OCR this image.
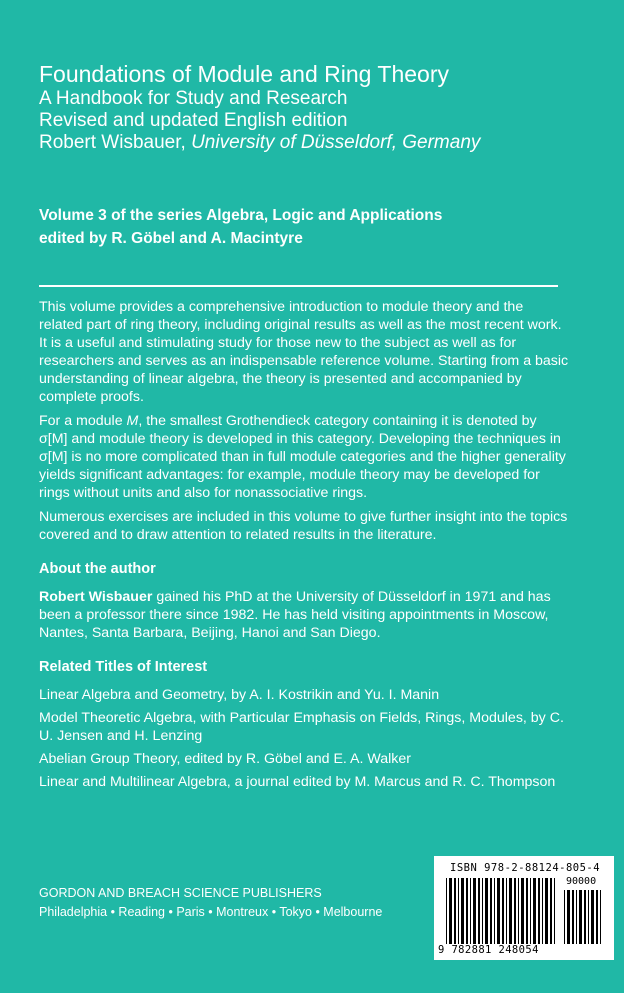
Foundations of Module and Ring Theory
A Handbook for Study and Research
Revised and updated English edition
Robert Wisbauer, University of Düsseldorf, Germany
Volume 3 of the series Algebra, Logic and Applications
edited by R. Göbel and A. Macintyre

This volume provides a comprehensive introduction to module theory and the related part of ring theory, including original results as well as the most recent work. It is a useful and stimulating study for those new to the subject as well as for researchers and serves as an indispensable reference volume. Starting from a basic understanding of linear algebra, the theory is presented and accompanied by complete proofs.

For a module M, the smallest Grothendieck category containing it is denoted by σ[M] and module theory is developed in this category. Developing the techniques in σ[M] is no more complicated than in full module categories and the higher generality yields significant advantages: for example, module theory may be developed for rings without units and also for nonassociative rings.

Numerous exercises are included in this volume to give further insight into the topics covered and to draw attention to related results in the literature.

About the author

Robert Wisbauer gained his PhD at the University of Düsseldorf in 1971 and has been a professor there since 1982. He has held visiting appointments in Moscow, Nantes, Santa Barbara, Beijing, Hanoi and San Diego.

Related Titles of Interest

Linear Algebra and Geometry, by A. I. Kostrikin and Yu. I. Manin

Model Theoretic Algebra, with Particular Emphasis on Fields, Rings, Modules, by C. U. Jensen and H. Lenzing

Abelian Group Theory, edited by R. Göbel and E. A. Walker

Linear and Multilinear Algebra, a journal edited by M. Marcus and R. C. Thompson

GORDON AND BREACH SCIENCE PUBLISHERS
Philadelphia • Reading • Paris • Montreux • Tokyo • Melbourne
ISBN 978-2-88124-805-4
90000
9 782881 248054
